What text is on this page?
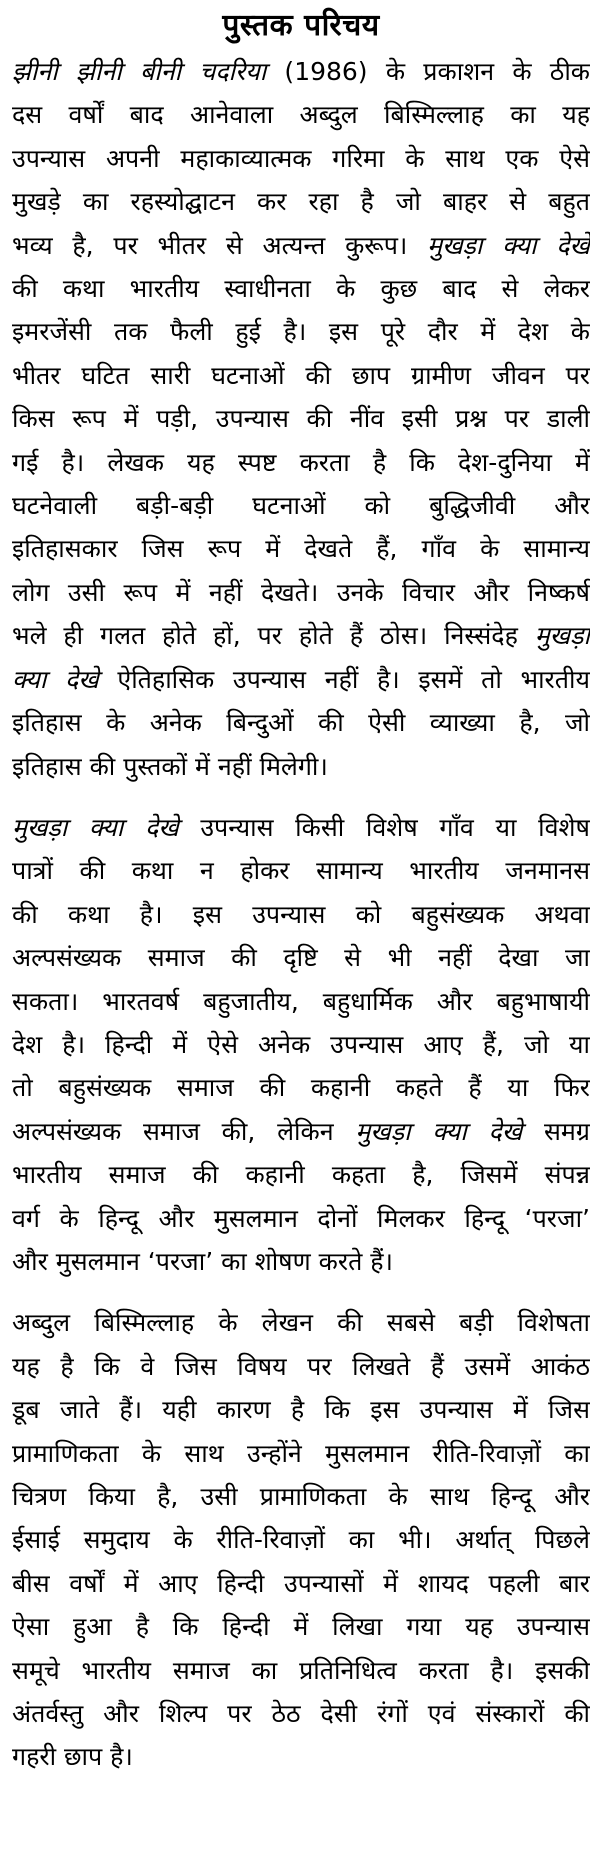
पुस्तक परिचय

झीनी झीनी बीनी चदरिया (1986) के प्रकाशन के ठीक
दस वर्षों बाद आनेवाला अब्दुल बिस्मिल्लाह का यह
उपन्यास अपनी महाकाव्यात्मक गरिमा के साथ एक ऐसे
मुखड़े का रहस्योद्घाटन कर रहा है जो बाहर से बहुत
भव्य है, पर भीतर से अत्यन्त कुरूप। मुखड़ा क्या देखे
की कथा भारतीय स्वाधीनता के कुछ बाद से लेकर
इमरजेंसी तक फैली हुई है। इस पूरे दौर में देश के
भीतर घटित सारी घटनाओं की छाप ग्रामीण जीवन पर
किस रूप में पड़ी, उपन्यास की नींव इसी प्रश्न पर डाली
गई है। लेखक यह स्पष्ट करता है कि देश-दुनिया में
घटनेवाली बड़ी-बड़ी घटनाओं को बुद्धिजीवी और
इतिहासकार जिस रूप में देखते हैं, गाँव के सामान्य
लोग उसी रूप में नहीं देखते। उनके विचार और निष्कर्ष
भले ही गलत होते हों, पर होते हैं ठोस। निस्संदेह मुखड़ा
क्या देखे ऐतिहासिक उपन्यास नहीं है। इसमें तो भारतीय
इतिहास के अनेक बिन्दुओं की ऐसी व्याख्या है, जो
इतिहास की पुस्तकों में नहीं मिलेगी।

मुखड़ा क्या देखे उपन्यास किसी विशेष गाँव या विशेष
पात्रों की कथा न होकर सामान्य भारतीय जनमानस
की कथा है। इस उपन्यास को बहुसंख्यक अथवा
अल्पसंख्यक समाज की दृष्टि से भी नहीं देखा जा
सकता। भारतवर्ष बहुजातीय, बहुधार्मिक और बहुभाषायी
देश है। हिन्दी में ऐसे अनेक उपन्यास आए हैं, जो या
तो बहुसंख्यक समाज की कहानी कहते हैं या फिर
अल्पसंख्यक समाज की, लेकिन मुखड़ा क्या देखे समग्र
भारतीय समाज की कहानी कहता है, जिसमें संपन्न
वर्ग के हिन्दू और मुसलमान दोनों मिलकर हिन्दू ‘परजा’
और मुसलमान ‘परजा’ का शोषण करते हैं।

अब्दुल बिस्मिल्लाह के लेखन की सबसे बड़ी विशेषता
यह है कि वे जिस विषय पर लिखते हैं उसमें आकंठ
डूब जाते हैं। यही कारण है कि इस उपन्यास में जिस
प्रामाणिकता के साथ उन्होंने मुसलमान रीति-रिवाज़ों का
चित्रण किया है, उसी प्रामाणिकता के साथ हिन्दू और
ईसाई समुदाय के रीति-रिवाज़ों का भी। अर्थात् पिछले
बीस वर्षों में आए हिन्दी उपन्यासों में शायद पहली बार
ऐसा हुआ है कि हिन्दी में लिखा गया यह उपन्यास
समूचे भारतीय समाज का प्रतिनिधित्व करता है। इसकी
अंतर्वस्तु और शिल्प पर ठेठ देसी रंगों एवं संस्कारों की
गहरी छाप है।
